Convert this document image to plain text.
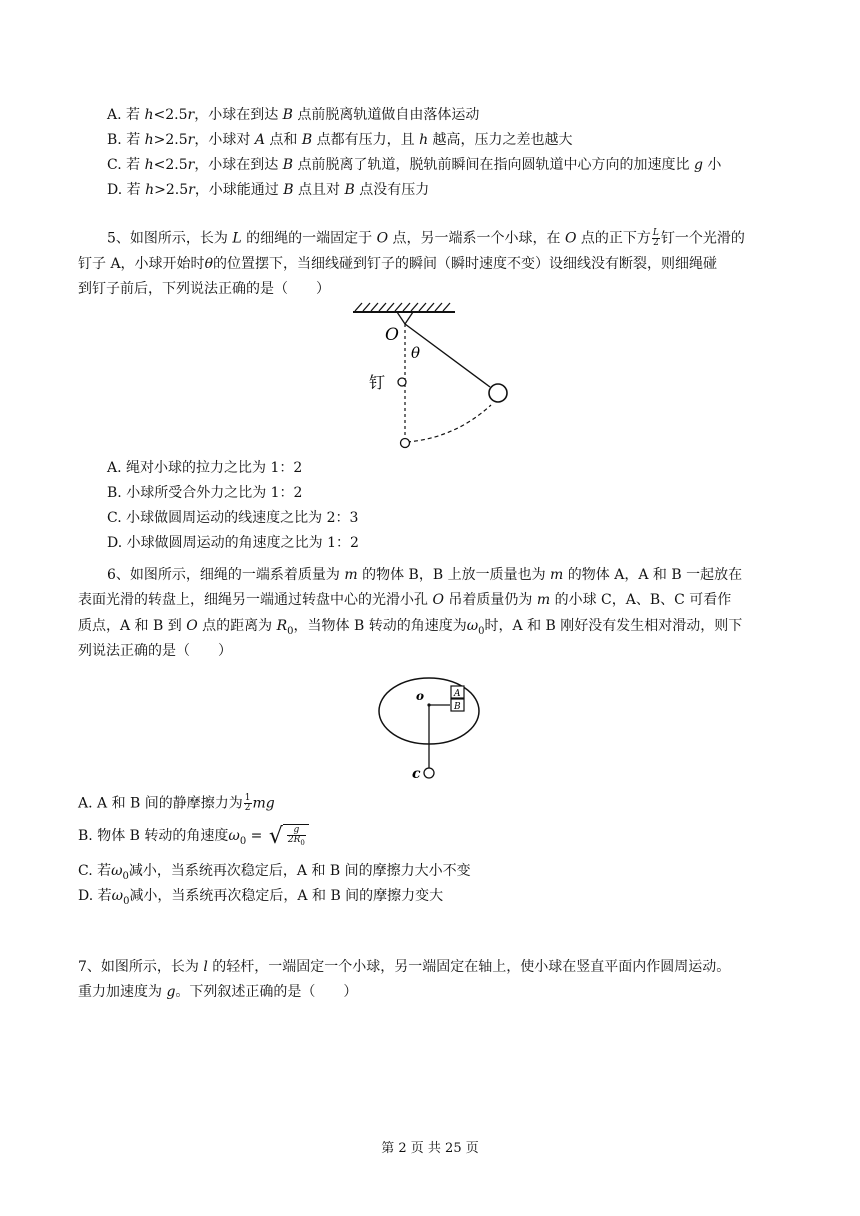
A. 若 h<2.5r，小球在到达 B 点前脱离轨道做自由落体运动
B. 若 h>2.5r，小球对 A 点和 B 点都有压力，且 h 越高，压力之差也越大
C. 若 h<2.5r，小球在到达 B 点前脱离了轨道，脱轨前瞬间在指向圆轨道中心方向的加速度比 g 小
D. 若 h>2.5r，小球能通过 B 点且对 B 点没有压力
5、如图所示，长为 L 的细绳的一端固定于 O 点，另一端系一个小球，在 O 点的正下方 $\frac{L}{2}$ 钉一个光滑的
钉子 A，小球开始时θ的位置摆下，当细线碰到钉子的瞬间（瞬时速度不变）设细线没有断裂，则细绳碰
到钉子前后，下列说法正确的是（　　）
O
θ
钉
A. 绳对小球的拉力之比为 1：2
B. 小球所受合外力之比为 1：2
C. 小球做圆周运动的线速度之比为 2：3
D. 小球做圆周运动的角速度之比为 1：2
6、如图所示，细绳的一端系着质量为 m 的物体 B，B 上放一质量也为 m 的物体 A，A 和 B 一起放在
表面光滑的转盘上，细绳另一端通过转盘中心的光滑小孔 O 吊着质量仍为 m 的小球 C，A、B、C 可看作
质点，A 和 B 到 O 点的距离为 $R_0$，当物体 B 转动的角速度为$\omega_0$时，A 和 B 刚好没有发生相对滑动，则下
列说法正确的是（　　）
o	A
B
c
A. A 和 B 间的静摩擦力为 $\frac{1}{2}$ mg
B. 物体 B 转动的角速度$\omega_0$ = √ $\frac{g}{2R_0}$
C. 若$\omega_0$减小，当系统再次稳定后，A 和 B 间的摩擦力大小不变
D. 若$\omega_0$减小，当系统再次稳定后，A 和 B 间的摩擦力变大
7、如图所示，长为 l 的轻杆，一端固定一个小球，另一端固定在轴上，使小球在竖直平面内作圆周运动。
重力加速度为 g。下列叙述正确的是（　　）
第 2 页 共 25 页
